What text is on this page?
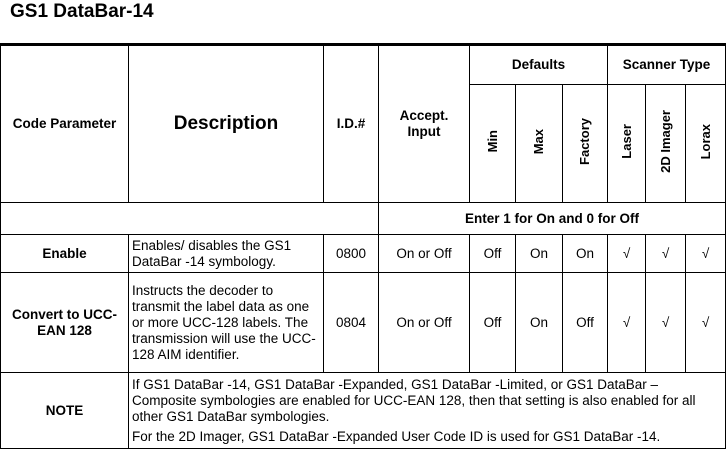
GS1 DataBar-14
Code Parameter	Description	I.D.#	Accept. Input	Defaults			Scanner Type		
				Min	Max	Factory	Laser	2D Imager	Lorax
			Enter 1 for On and 0 for Off						
Enable	Enables/ disables the GS1 DataBar -14 symbology.	0800	On or Off	Off	On	On	√	√	√
Convert to UCC-EAN 128	Instructs the decoder to transmit the label data as one or more UCC-128 labels. The transmission will use the UCC-128 AIM identifier.	0804	On or Off	Off	On	Off	√	√	√
NOTE	If GS1 DataBar -14, GS1 DataBar -Expanded, GS1 DataBar -Limited, or GS1 DataBar –Composite symbologies are enabled for UCC-EAN 128, then that setting is also enabled for all other GS1 DataBar symbologies.

For the 2D Imager, GS1 DataBar -Expanded User Code ID is used for GS1 DataBar -14.								
